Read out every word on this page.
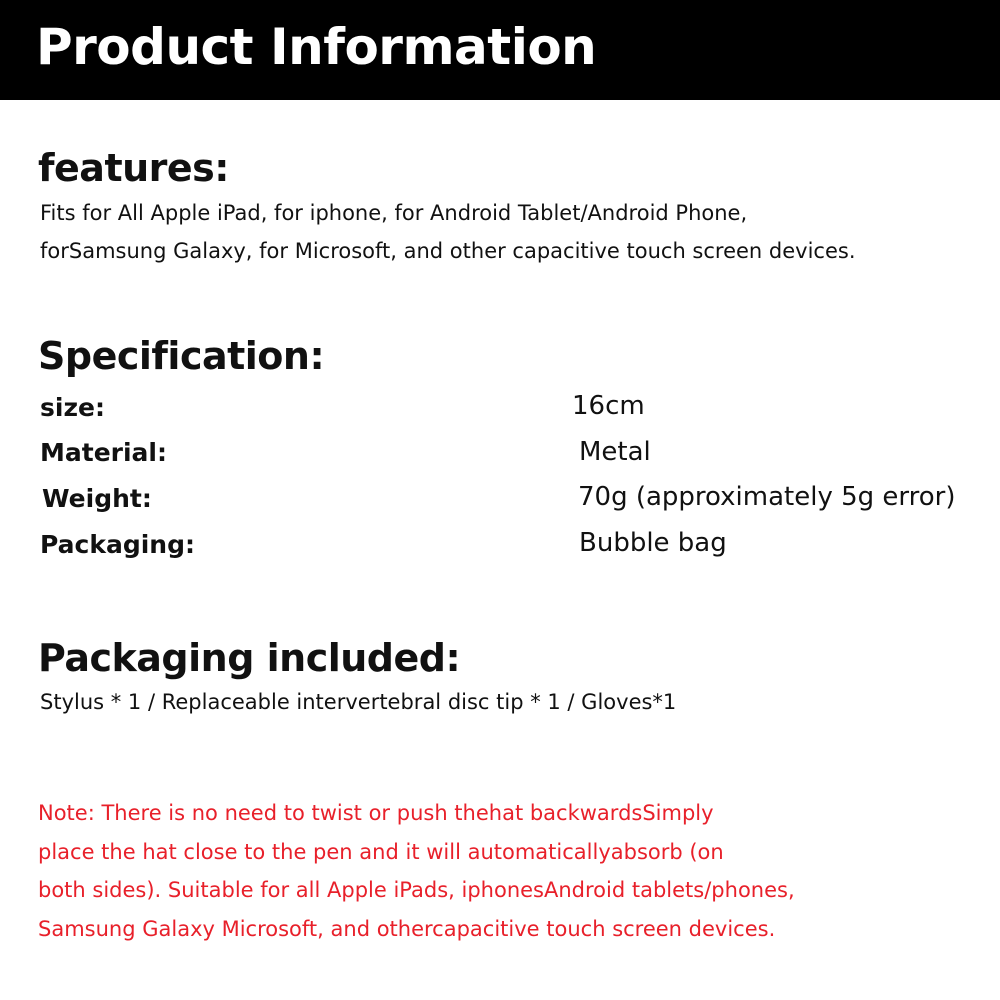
Product Information
features:
Fits for All Apple iPad, for iphone, for Android Tablet/Android Phone,
forSamsung Galaxy, for Microsoft, and other capacitive touch screen devices.
Specification:
size:	16cm
Material:	Metal
Weight:	70g (approximately 5g error)
Packaging:	Bubble bag
Packaging included:
Stylus * 1 / Replaceable intervertebral disc tip * 1 / Gloves*1
Note: There is no need to twist or push thehat backwardsSimply
place the hat close to the pen and it will automaticallyabsorb (on
both sides). Suitable for all Apple iPads, iphonesAndroid tablets/phones,
Samsung Galaxy Microsoft, and othercapacitive touch screen devices.
